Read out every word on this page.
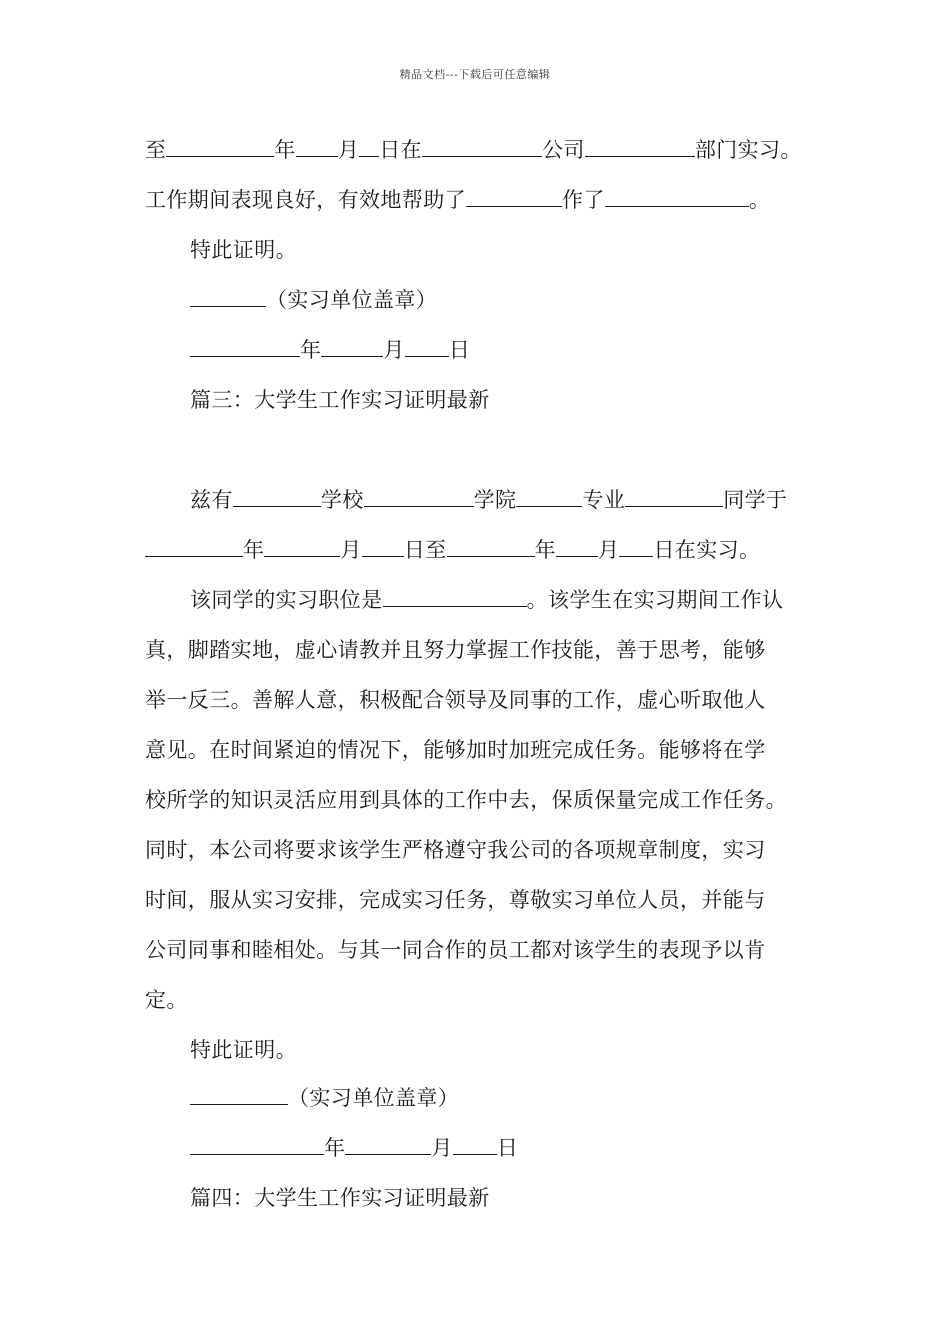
精品文档---下载后可任意编辑
至	年 月 日在	公司	部门实习。
工作期间表现良好，有效地帮助了	作了	。
特此证明。
（实习单位盖章）
年	月 日
篇三：大学生工作实习证明最新
兹有	学校	学院	专业	同学于
年	月 日至	年 月 日在实习。
该同学的实习职位是	。该学生在实习期间工作认
真，脚踏实地，虚心请教并且努力掌握工作技能，善于思考，能够
举一反三。善解人意，积极配合领导及同事的工作，虚心听取他人
意见。在时间紧迫的情况下，能够加时加班完成任务。能够将在学
校所学的知识灵活应用到具体的工作中去，保质保量完成工作任务。
同时，本公司将要求该学生严格遵守我公司的各项规章制度，实习
时间，服从实习安排，完成实习任务，尊敬实习单位人员，并能与
公司同事和睦相处。与其一同合作的员工都对该学生的表现予以肯
定。
特此证明。
（实习单位盖章）
年	月 日
篇四：大学生工作实习证明最新
